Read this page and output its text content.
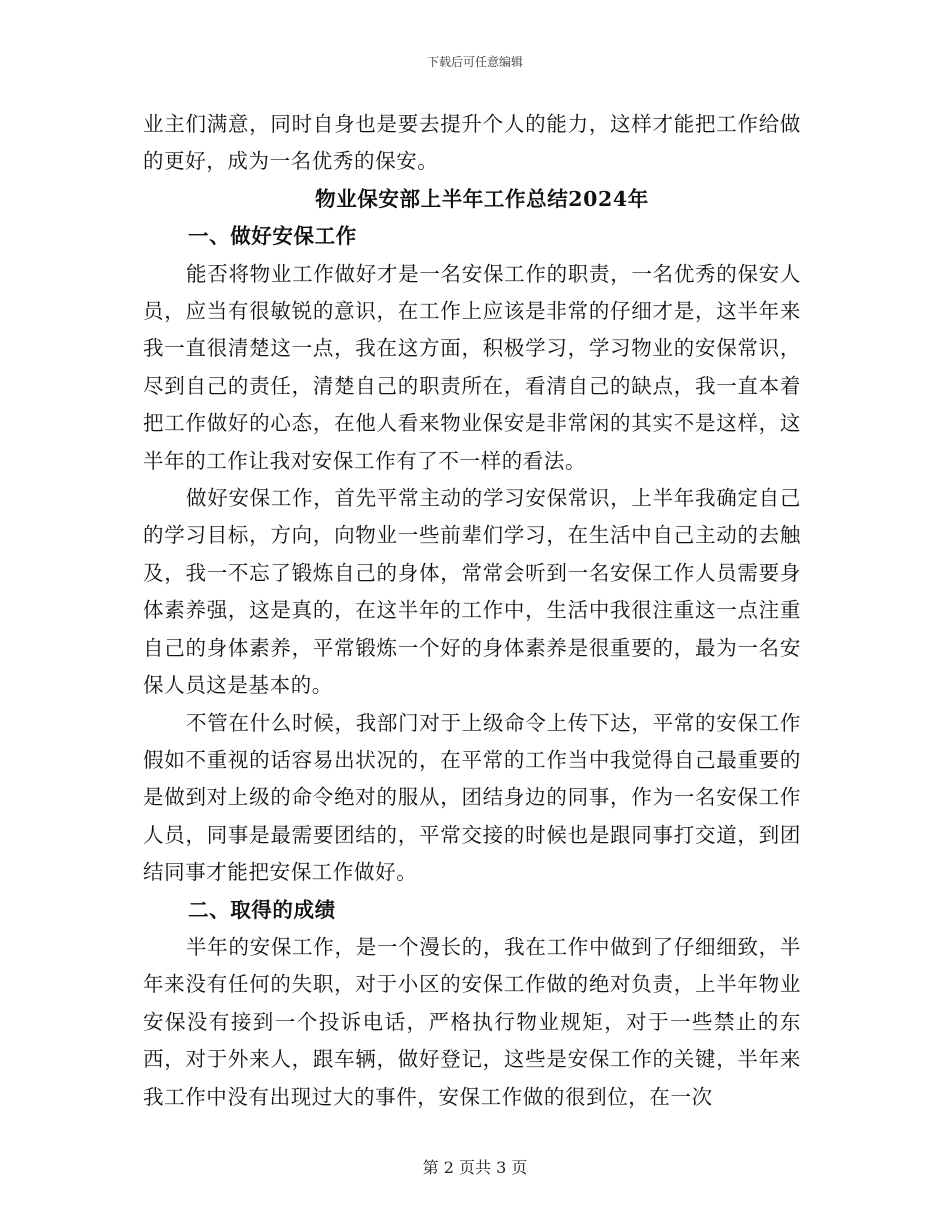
下载后可任意编辑

业主们满意，同时自身也是要去提升个人的能力，这样才能把工作给做的更好，成为一名优秀的保安。

物业保安部上半年工作总结2024年
一、做好安保工作

能否将物业工作做好才是一名安保工作的职责，一名优秀的保安人员，应当有很敏锐的意识，在工作上应该是非常的仔细才是，这半年来我一直很清楚这一点，我在这方面，积极学习，学习物业的安保常识，尽到自己的责任，清楚自己的职责所在，看清自己的缺点，我一直本着把工作做好的心态，在他人看来物业保安是非常闲的其实不是这样，这半年的工作让我对安保工作有了不一样的看法。

做好安保工作，首先平常主动的学习安保常识，上半年我确定自己的学习目标，方向，向物业一些前辈们学习，在生活中自己主动的去触及，我一不忘了锻炼自己的身体，常常会听到一名安保工作人员需要身体素养强，这是真的，在这半年的工作中，生活中我很注重这一点注重自己的身体素养，平常锻炼一个好的身体素养是很重要的，最为一名安保人员这是基本的。

不管在什么时候，我部门对于上级命令上传下达，平常的安保工作假如不重视的话容易出状况的，在平常的工作当中我觉得自己最重要的是做到对上级的命令绝对的服从，团结身边的同事，作为一名安保工作人员，同事是最需要团结的，平常交接的时候也是跟同事打交道，到团结同事才能把安保工作做好。

二、取得的成绩

半年的安保工作，是一个漫长的，我在工作中做到了仔细细致，半年来没有任何的失职，对于小区的安保工作做的绝对负责，上半年物业安保没有接到一个投诉电话，严格执行物业规矩，对于一些禁止的东西，对于外来人，跟车辆，做好登记，这些是安保工作的关键，半年来我工作中没有出现过大的事件，安保工作做的很到位，在一次

第 2 页共 3 页
